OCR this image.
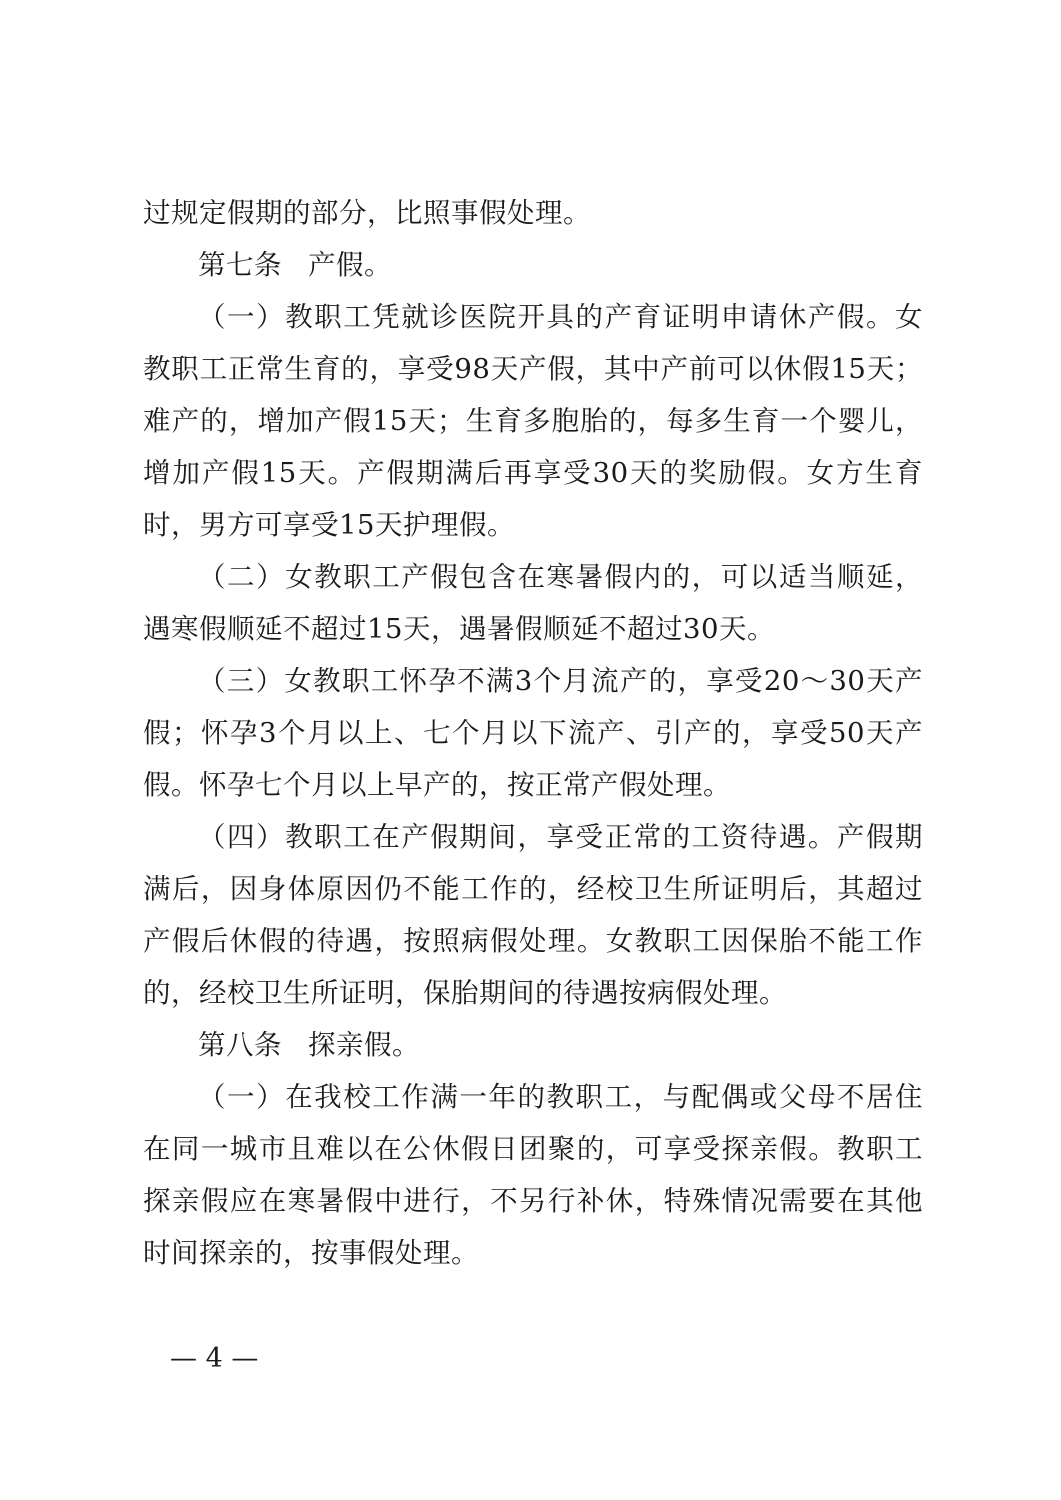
过规定假期的部分，比照事假处理。
第七条 产假。
（一）教职工凭就诊医院开具的产育证明申请休产假。女
教职工正常生育的，享受98天产假，其中产前可以休假15天；
难产的，增加产假15天；生育多胞胎的，每多生育一个婴儿，
增加产假15天。产假期满后再享受30天的奖励假。女方生育
时，男方可享受15天护理假。
（二）女教职工产假包含在寒暑假内的，可以适当顺延，
遇寒假顺延不超过15天，遇暑假顺延不超过30天。
（三）女教职工怀孕不满3个月流产的，享受20～30天产
假；怀孕3个月以上、七个月以下流产、引产的，享受50天产
假。怀孕七个月以上早产的，按正常产假处理。
（四）教职工在产假期间，享受正常的工资待遇。产假期
满后，因身体原因仍不能工作的，经校卫生所证明后，其超过
产假后休假的待遇，按照病假处理。女教职工因保胎不能工作
的，经校卫生所证明，保胎期间的待遇按病假处理。
第八条 探亲假。
（一）在我校工作满一年的教职工，与配偶或父母不居住
在同一城市且难以在公休假日团聚的，可享受探亲假。教职工
探亲假应在寒暑假中进行，不另行补休，特殊情况需要在其他
时间探亲的，按事假处理。
— 4 —
